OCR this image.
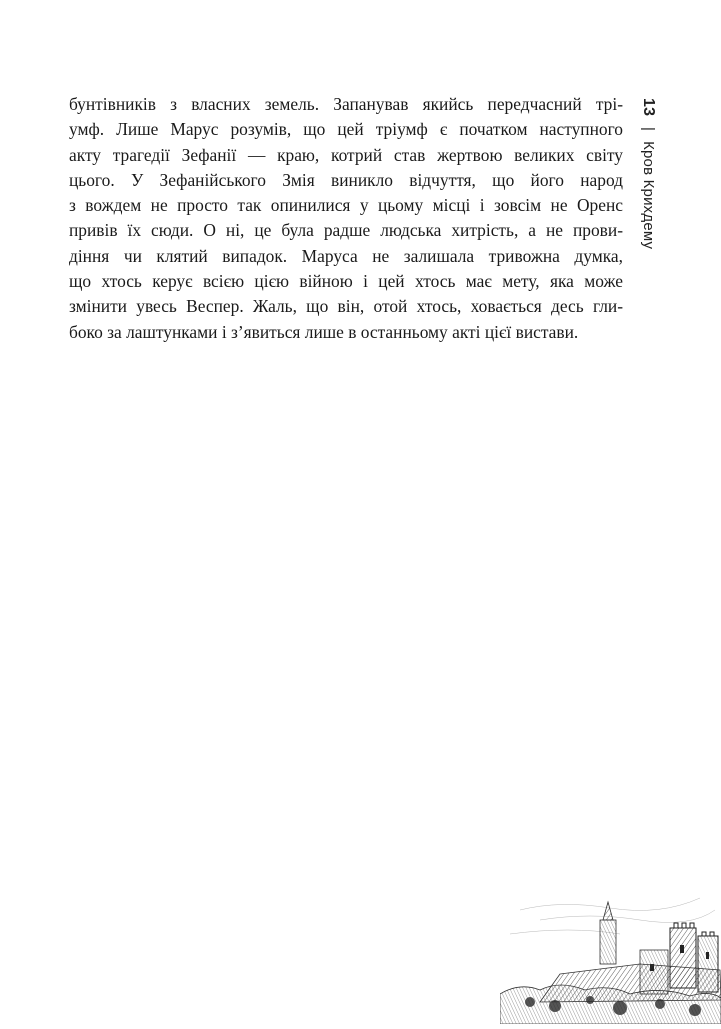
13 | Кров Крихдему
бунтівників з власних земель. Запанував якийсь передчасний трі-
умф. Лише Марус розумів, що цей тріумф є початком наступного
акту трагедії Зефанії — краю, котрий став жертвою великих світу
цього. У Зефанійського Змія виникло відчуття, що його народ
з вождем не просто так опинилися у цьому місці і зовсім не Оренс
привів їх сюди. О ні, це була радше людська хитрість, а не прови-
діння чи клятий випадок. Маруса не залишала тривожна думка,
що хтось керує всією цією війною і цей хтось має мету, яка може
змінити увесь Веспер. Жаль, що він, отой хтось, ховається десь гли-
боко за лаштунками і з’явиться лише в останньому акті цієї вистави.
